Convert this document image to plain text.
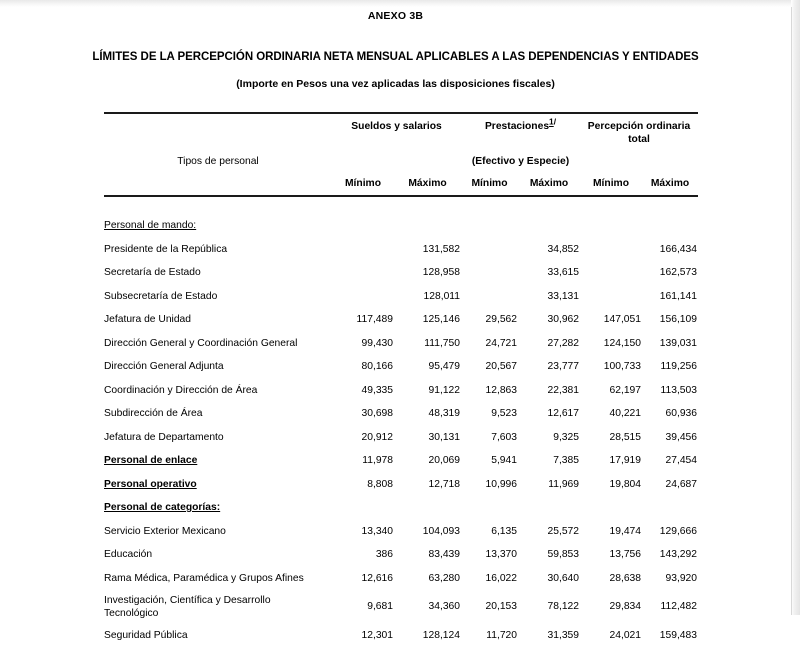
ANEXO 3B
LÍMITES DE LA PERCEPCIÓN ORDINARIA NETA MENSUAL APLICABLES A LAS DEPENDENCIAS Y ENTIDADES
(Importe en Pesos una vez aplicadas las disposiciones fiscales)

Tipos de personal	Sueldos y salarios		Prestaciones$^{1/}$		Percepción ordinaria
total	
			(Efectivo y Especie)			
	Mínimo	Máximo	Mínimo	Máximo	Mínimo	Máximo

Personal de mando:						
Presidente de la República		131,582		34,852		166,434
Secretaría de Estado		128,958		33,615		162,573
Subsecretaría de Estado		128,011		33,131		161,141
Jefatura de Unidad	117,489	125,146	29,562	30,962	147,051	156,109
Dirección General y Coordinación General	99,430	111,750	24,721	27,282	124,150	139,031
Dirección General Adjunta	80,166	95,479	20,567	23,777	100,733	119,256
Coordinación y Dirección de Área	49,335	91,122	12,863	22,381	62,197	113,503
Subdirección de Área	30,698	48,319	9,523	12,617	40,221	60,936
Jefatura de Departamento	20,912	30,131	7,603	9,325	28,515	39,456
Personal de enlace	11,978	20,069	5,941	7,385	17,919	27,454
Personal operativo	8,808	12,718	10,996	11,969	19,804	24,687
Personal de categorías:						
Servicio Exterior Mexicano	13,340	104,093	6,135	25,572	19,474	129,666
Educación	386	83,439	13,370	59,853	13,756	143,292
Rama Médica, Paramédica y Grupos Afines	12,616	63,280	16,022	30,640	28,638	93,920
Investigación, Científica y Desarrollo Tecnológico	9,681	34,360	20,153	78,122	29,834	112,482
Seguridad Pública	12,301	128,124	11,720	31,359	24,021	159,483
